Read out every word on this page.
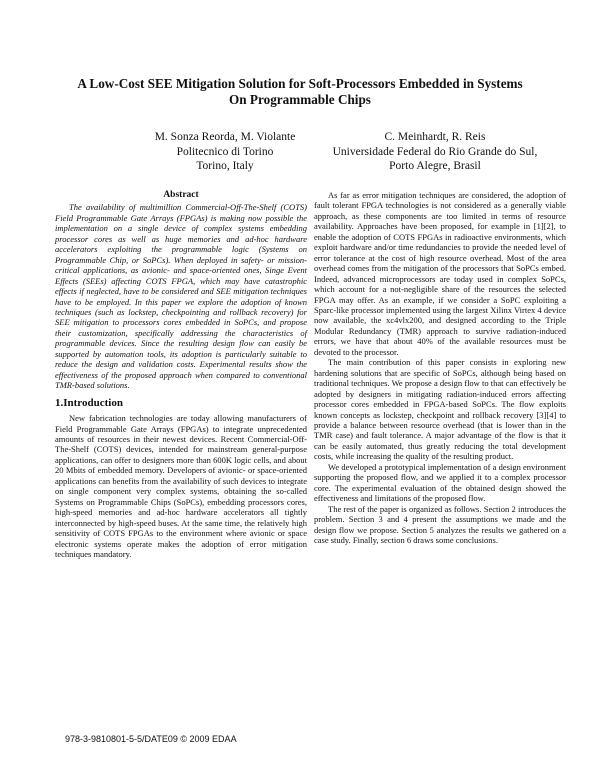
A Low-Cost SEE Mitigation Solution for Soft-Processors Embedded in Systems
On Programmable Chips
M. Sonza Reorda, M. Violante
Politecnico di Torino
Torino, Italy
C. Meinhardt, R. Reis
Universidade Federal do Rio Grande do Sul,
Porto Alegre, Brasil
Abstract

The availability of multimillion Commercial-Off-The-Shelf (COTS) Field Programmable Gate Arrays (FPGAs) is making now possible the implementation on a single device of complex systems embedding processor cores as well as huge memories and ad-hoc hardware accelerators exploiting the programmable logic (Systems on Programmable Chip, or SoPCs). When deployed in safety- or mission-critical applications, as avionic- and space-oriented ones, Singe Event Effects (SEEs) affecting COTS FPGA, which may have catastrophic effects if neglected, have to be considered and SEE mitigation techniques have to be employed. In this paper we explore the adoption of known techniques (such as lockstep, checkpointing and rollback recovery) for SEE mitigation to processors cores embedded in SoPCs, and propose their customization, specifically addressing the characteristics of programmable devices. Since the resulting design flow can easily be supported by automation tools, its adoption is particularly suitable to reduce the design and validation costs. Experimental results show the effectiveness of the proposed approach when compared to conventional TMR-based solutions.

1.Introduction

New fabrication technologies are today allowing manufacturers of Field Programmable Gate Arrays (FPGAs) to integrate unprecedented amounts of resources in their newest devices. Recent Commercial-Off-The-Shelf (COTS) devices, intended for mainstream general-purpose applications, can offer to designers more than 600K logic cells, and about 20 Mbits of embedded memory. Developers of avionic- or space-oriented applications can benefits from the availability of such devices to integrate on single component very complex systems, obtaining the so-called Systems on Programmable Chips (SoPCs), embedding processors cores, high-speed memories and ad-hoc hardware accelerators all tightly interconnected by high-speed buses. At the same time, the relatively high sensitivity of COTS FPGAs to the environment where avionic or space electronic systems operate makes the adoption of error mitigation techniques mandatory.

As far as error mitigation techniques are considered, the adoption of fault tolerant FPGA technologies is not considered as a generally viable approach, as these components are too limited in terms of resource availability. Approaches have been proposed, for example in [1][2], to enable the adoption of COTS FPGAs in radioactive environments, which exploit hardware and/or time redundancies to provide the needed level of error tolerance at the cost of high resource overhead. Most of the area overhead comes from the mitigation of the processors that SoPCs embed. Indeed, advanced microprocessors are today used in complex SoPCs, which account for a not-negligible share of the resources the selected FPGA may offer. As an example, if we consider a SoPC exploiting a Sparc-like processor implemented using the largest Xilinx Virtex 4 device now available, the xc4vlx200, and designed according to the Triple Modular Redundancy (TMR) approach to survive radiation-induced errors, we have that about 40% of the available resources must be devoted to the processor.

The main contribution of this paper consists in exploring new hardening solutions that are specific of SoPCs, although being based on traditional techniques. We propose a design flow to that can effectively be adopted by designers in mitigating radiation-induced errors affecting processor cores embedded in FPGA-based SoPCs. The flow exploits known concepts as lockstep, checkpoint and rollback recovery [3][4] to provide a balance between resource overhead (that is lower than in the TMR case) and fault tolerance. A major advantage of the flow is that it can be easily automated, thus greatly reducing the total development costs, while increasing the quality of the resulting product.

We developed a prototypical implementation of a design environment supporting the proposed flow, and we applied it to a complex processor core. The experimental evaluation of the obtained design showed the effectiveness and limitations of the proposed flow.

The rest of the paper is organized as follows. Section 2 introduces the problem. Section 3 and 4 present the assumptions we made and the design flow we propose. Section 5 analyzes the results we gathered on a case study. Finally, section 6 draws some conclusions.

978-3-9810801-5-5/DATE09 © 2009 EDAA
